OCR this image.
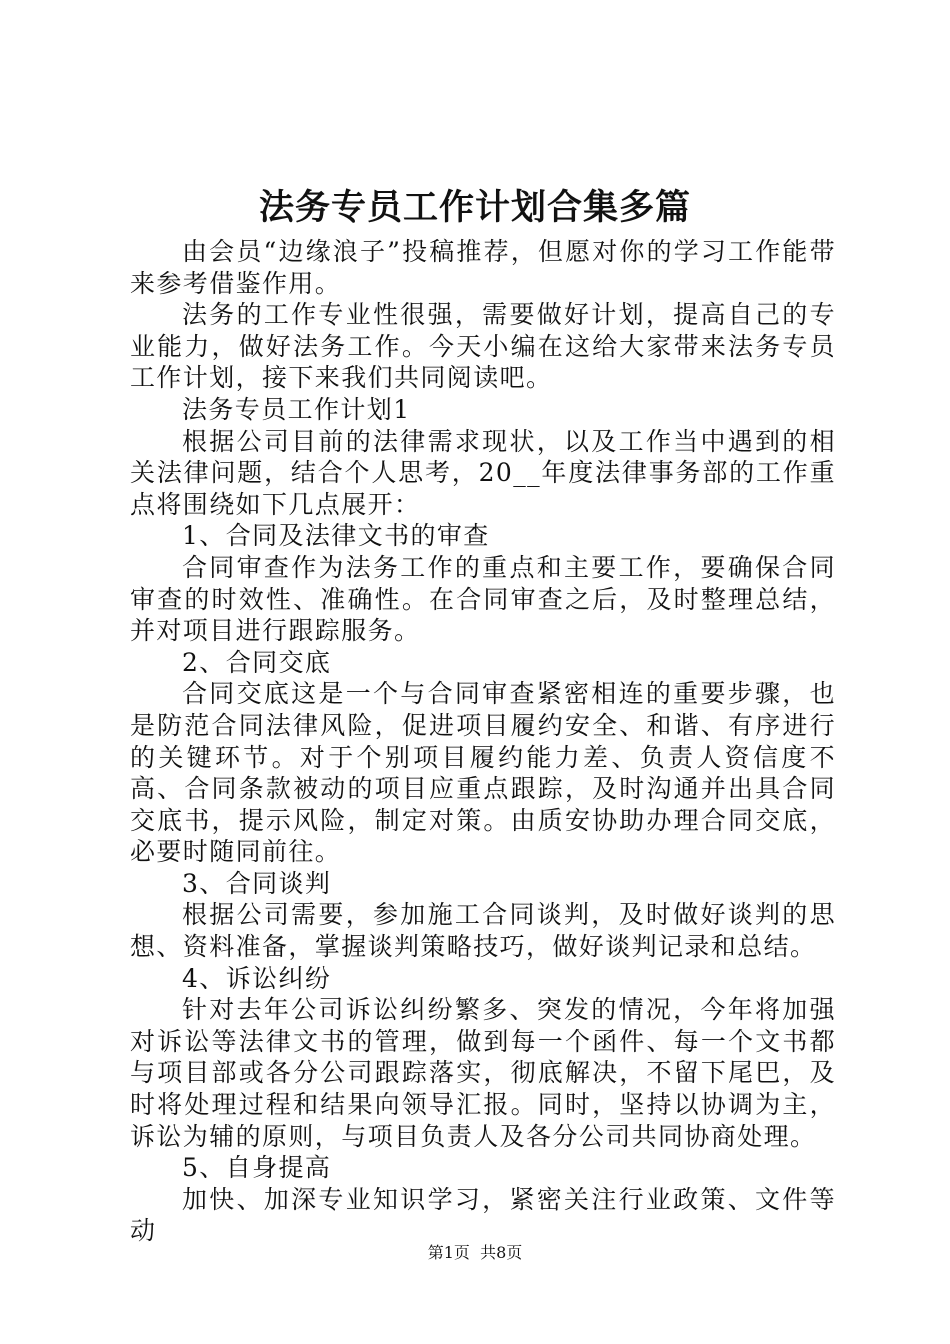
法务专员工作计划合集多篇

由会员“边缘浪子”投稿推荐，但愿对你的学习工作能带来参考借鉴作用。

法务的工作专业性很强，需要做好计划，提高自己的专业能力，做好法务工作。今天小编在这给大家带来法务专员工作计划，接下来我们共同阅读吧。

法务专员工作计划1

根据公司目前的法律需求现状，以及工作当中遇到的相关法律问题，结合个人思考，20__年度法律事务部的工作重点将围绕如下几点展开：

1、合同及法律文书的审查

合同审查作为法务工作的重点和主要工作，要确保合同审查的时效性、准确性。在合同审查之后，及时整理总结，并对项目进行跟踪服务。

2、合同交底

合同交底这是一个与合同审查紧密相连的重要步骤，也是防范合同法律风险，促进项目履约安全、和谐、有序进行的关键环节。对于个别项目履约能力差、负责人资信度不高、合同条款被动的项目应重点跟踪，及时沟通并出具合同交底书，提示风险，制定对策。由质安协助办理合同交底，必要时随同前往。

3、合同谈判

根据公司需要，参加施工合同谈判，及时做好谈判的思想、资料准备，掌握谈判策略技巧，做好谈判记录和总结。

4、诉讼纠纷

针对去年公司诉讼纠纷繁多、突发的情况，今年将加强对诉讼等法律文书的管理，做到每一个函件、每一个文书都与项目部或各分公司跟踪落实，彻底解决，不留下尾巴，及时将处理过程和结果向领导汇报。同时，坚持以协调为主，诉讼为辅的原则，与项目负责人及各分公司共同协商处理。

5、自身提高

加快、加深专业知识学习，紧密关注行业政策、文件等动

第1页  共8页
